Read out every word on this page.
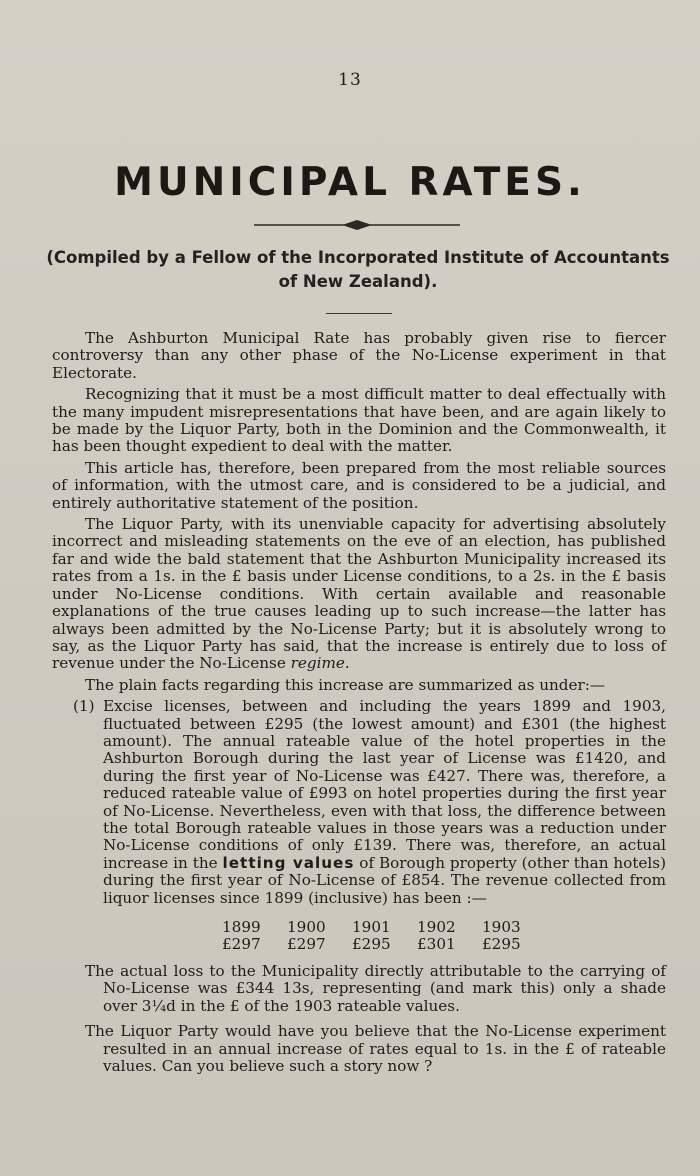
13
MUNICIPAL RATES.
(Compiled by a Fellow of the Incorporated Institute of Accountants of New Zealand).

The Ashburton Municipal Rate has probably given rise to fiercer controversy than any other phase of the No-License experiment in that Electorate.

Recognizing that it must be a most difficult matter to deal effectually with the many impudent misrepresentations that have been, and are again likely to be made by the Liquor Party, both in the Dominion and the Commonwealth, it has been thought expedient to deal with the matter.

This article has, therefore, been prepared from the most reliable sources of information, with the utmost care, and is considered to be a judicial, and entirely authoritative statement of the position.

The Liquor Party, with its unenviable capacity for advertising absolutely incorrect and misleading statements on the eve of an election, has published far and wide the bald statement that the Ashburton Municipality increased its rates from a 1s. in the £ basis under License conditions, to a 2s. in the £ basis under No-License conditions. With certain available and reasonable explanations of the true causes leading up to such increase—the latter has always been admitted by the No-License Party; but it is absolutely wrong to say, as the Liquor Party has said, that the increase is entirely due to loss of revenue under the No-License regime.

The plain facts regarding this increase are summarized as under:—

(1) Excise licenses, between and including the years 1899 and 1903, fluctuated between £295 (the lowest amount) and £301 (the highest amount). The annual rateable value of the hotel properties in the Ashburton Borough during the last year of License was £1420, and during the first year of No-License was £427. There was, therefore, a reduced rateable value of £993 on hotel properties during the first year of No-License. Nevertheless, even with that loss, the difference between the total Borough rateable values in those years was a reduction under No-License conditions of only £139. There was, therefore, an actual increase in the letting values of Borough property (other than hotels) during the first year of No-License of £854. The revenue collected from liquor licenses since 1899 (inclusive) has been :—
1899	1900	1901	1902	1903
£297	£297	£295	£301	£295
The actual loss to the Municipality directly attributable to the carrying of No-License was £344 13s, representing (and mark this) only a shade over 3¼d in the £ of the 1903 rateable values.
The Liquor Party would have you believe that the No-License experiment resulted in an annual increase of rates equal to 1s. in the £ of rateable values. Can you believe such a story now ?
